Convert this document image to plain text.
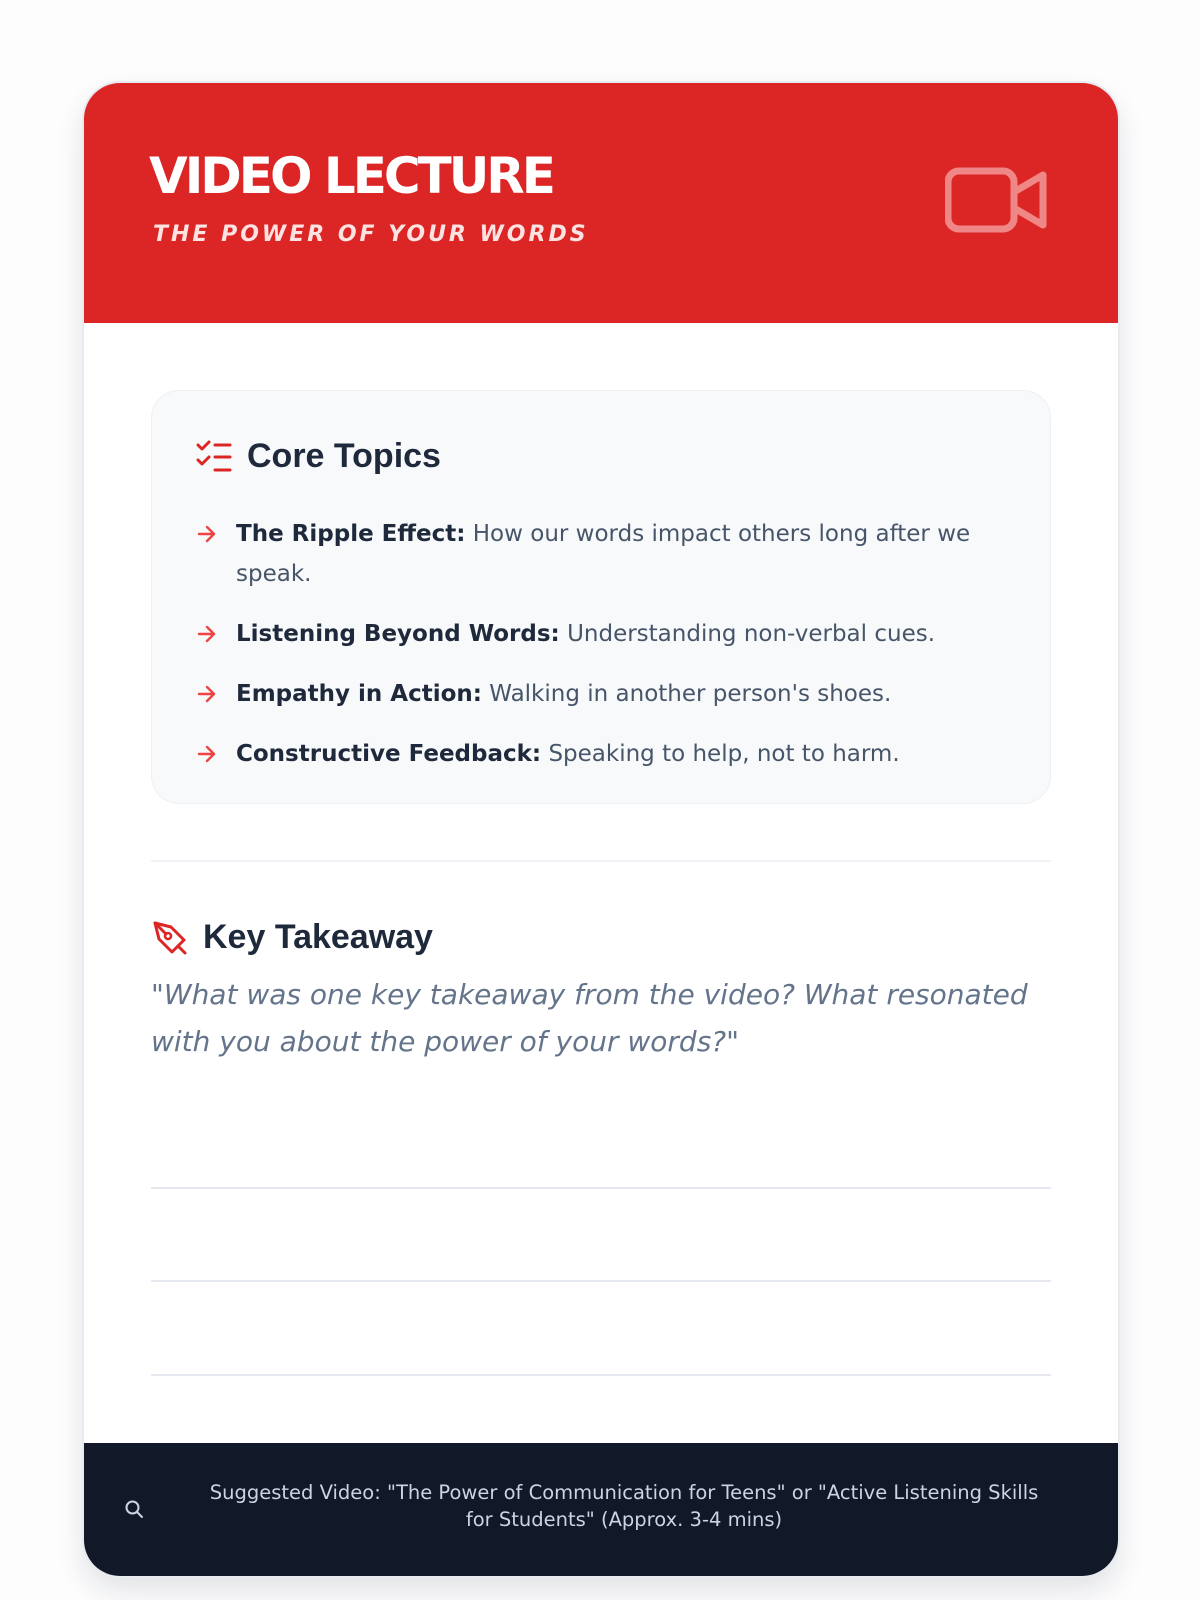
VIDEO LECTURE
THE POWER OF YOUR WORDS
Core Topics
The Ripple Effect: How our words impact others long after we speak.
Listening Beyond Words: Understanding non-verbal cues.
Empathy in Action: Walking in another person's shoes.
Constructive Feedback: Speaking to help, not to harm.
Key Takeaway
"What was one key takeaway from the video? What resonated with you about the power of your words?"
Suggested Video: "The Power of Communication for Teens" or "Active Listening Skills for Students" (Approx. 3-4 mins)
